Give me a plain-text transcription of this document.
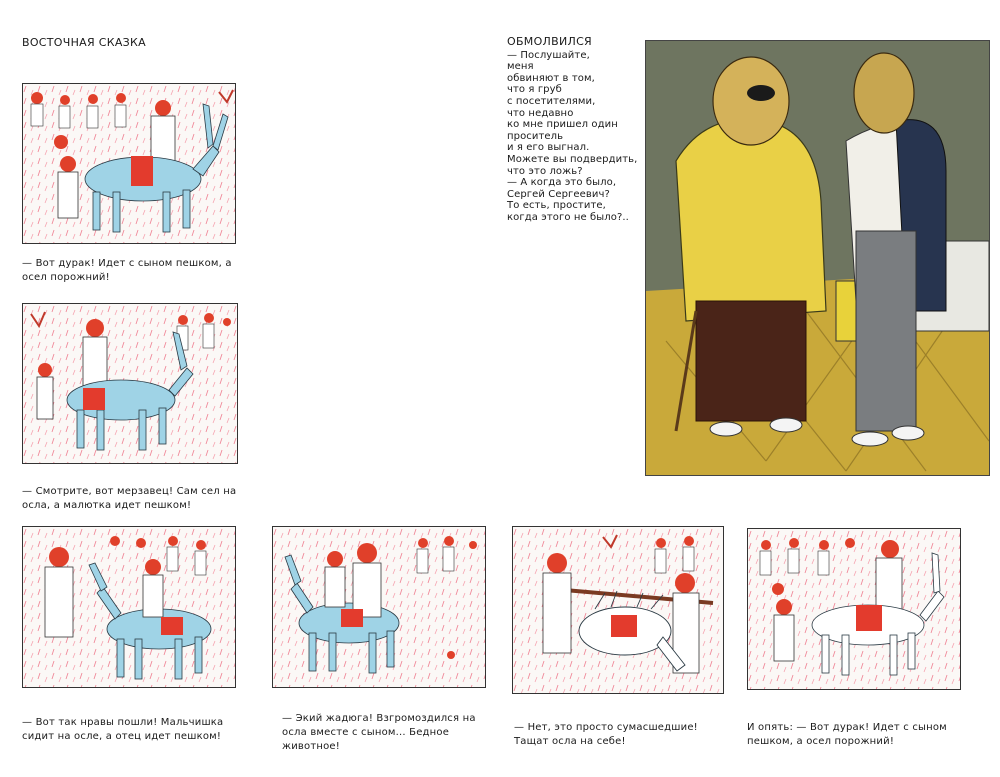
ВОСТОЧНАЯ СКАЗКА
— Вот дурак! Идет с сыном пешком, а осел порожний!
— Смотрите, вот мерзавец! Сам сел на осла, а малютка идет пешком!
— Вот так нравы пошли! Мальчишка сидит на осле, а отец идет пешком!
— Экий жадюга! Взгромоздился на осла вместе с сыном... Бедное животное!
— Нет, это просто сумасшедшие! Тащат осла на себе!
И опять: — Вот дурак! Идет с сыном пешком, а осел порожний!
ОБМОЛВИЛСЯ
— Послушайте,
меня
обвиняют в том,
что я груб
с посетителями,
что недавно
ко мне пришел один
проситель
и я его выгнал.
Можете вы подвердить,
что это ложь?
— А когда это было,
Сергей Сергеевич?
То есть, простите,
когда этого не было?..
